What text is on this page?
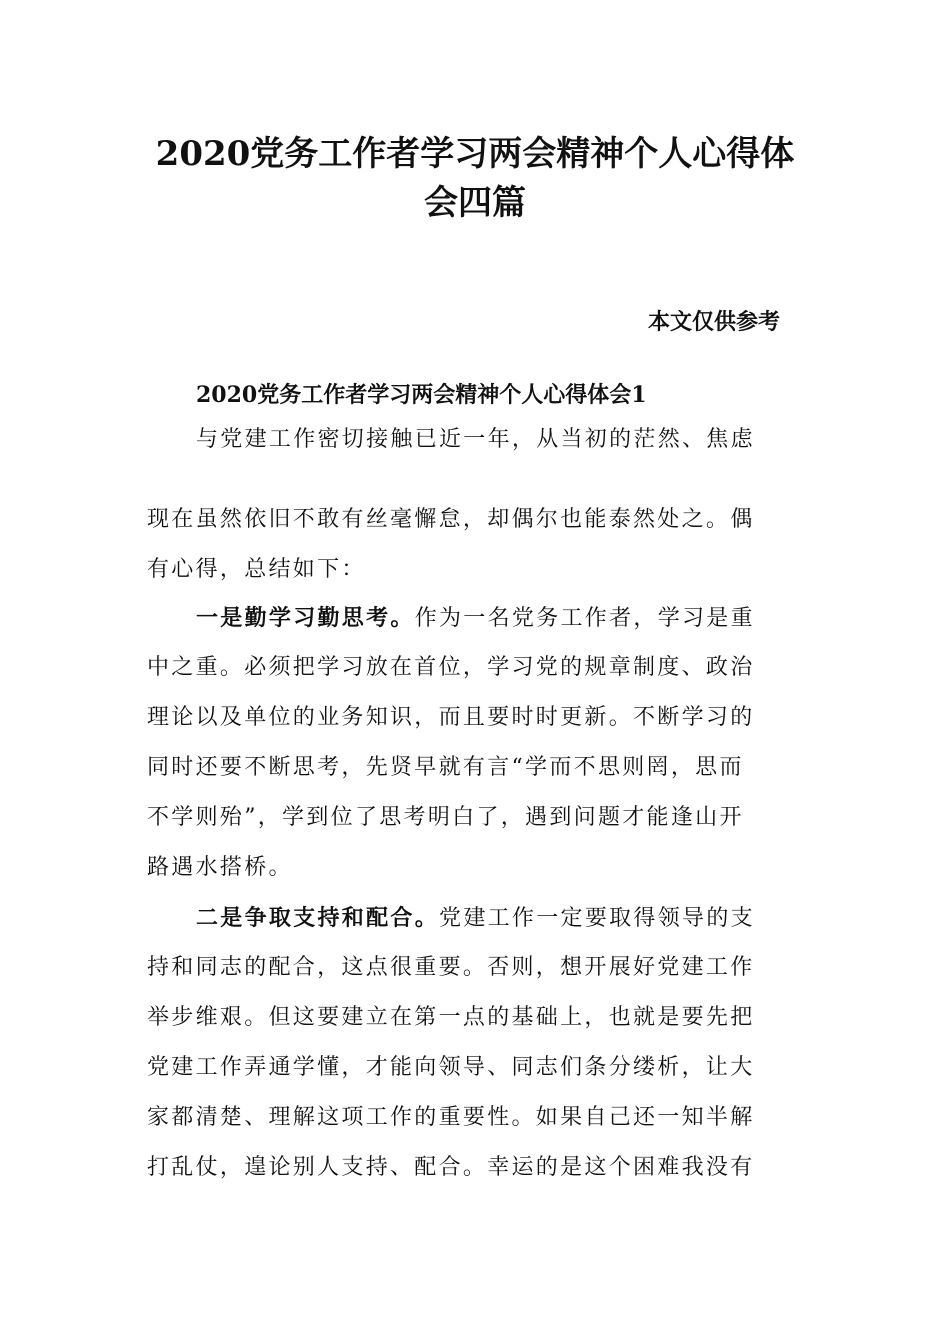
2020党务工作者学习两会精神个人心得体
会四篇
本文仅供参考
2020党务工作者学习两会精神个人心得体会1
与党建工作密切接触已近一年，从当初的茫然、焦虑
现在虽然依旧不敢有丝毫懈怠，却偶尔也能泰然处之。偶
有心得，总结如下：
一是勤学习勤思考。作为一名党务工作者，学习是重
中之重。必须把学习放在首位，学习党的规章制度、政治
理论以及单位的业务知识，而且要时时更新。不断学习的
同时还要不断思考，先贤早就有言“学而不思则罔，思而
不学则殆”，学到位了思考明白了，遇到问题才能逢山开
路遇水搭桥。
二是争取支持和配合。党建工作一定要取得领导的支
持和同志的配合，这点很重要。否则，想开展好党建工作
举步维艰。但这要建立在第一点的基础上，也就是要先把
党建工作弄通学懂，才能向领导、同志们条分缕析，让大
家都清楚、理解这项工作的重要性。如果自己还一知半解
打乱仗，遑论别人支持、配合。幸运的是这个困难我没有
